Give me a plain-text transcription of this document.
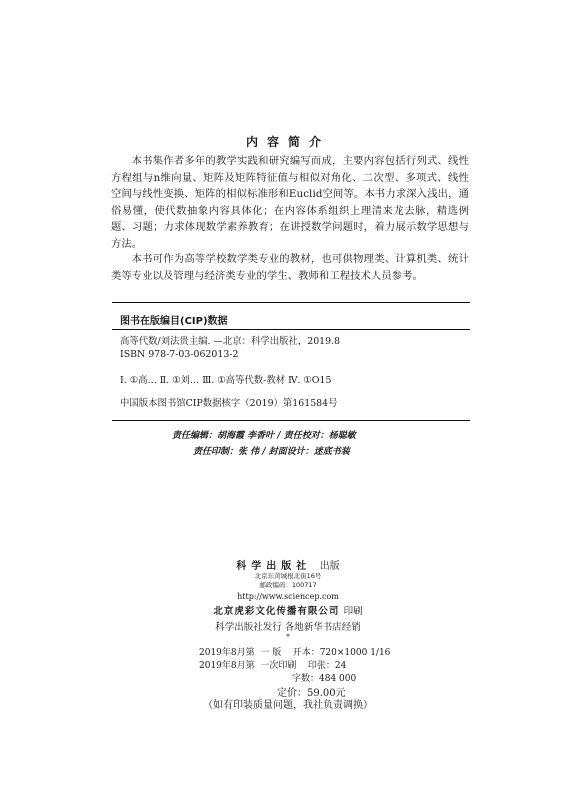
内容简介

本书集作者多年的教学实践和研究编写而成，主要内容包括行列式、线性方程组与n维向量、矩阵及矩阵特征值与相似对角化、二次型、多项式、线性空间与线性变换、矩阵的相似标准形和Euclid空间等。本书力求深入浅出，通俗易懂，使代数抽象内容具体化；在内容体系组织上理清来龙去脉，精选例题、习题；力求体现数学素养教育；在讲授数学问题时，着力展示数学思想与方法。

本书可作为高等学校数学类专业的教材，也可供物理类、计算机类、统计类等专业以及管理与经济类专业的学生、教师和工程技术人员参考。

图书在版编目(CIP)数据
高等代数/刘法贵主编. —北京：科学出版社，2019.8
ISBN 978-7-03-062013-2
Ⅰ. ①高… Ⅱ. ①刘… Ⅲ. ①高等代数-教材 Ⅳ. ①O15
中国版本图书馆CIP数据核字（2019）第161584号
责任编辑：胡海霞 李香叶 / 责任校对：杨聪敏
责任印制：张 伟 / 封面设计：迷底书装
科学出版社 出版
北京东黄城根北街16号
邮政编码：100717
http://www.sciencep.com
北京虎彩文化传播有限公司 印刷
科学出版社发行 各地新华书店经销
*
2019年8月第 一 版 开本：720×1000 1/16
2019年8月第 一次印刷 印张：24
字数：484 000
定价：59.00元
（如有印装质量问题，我社负责调换）
